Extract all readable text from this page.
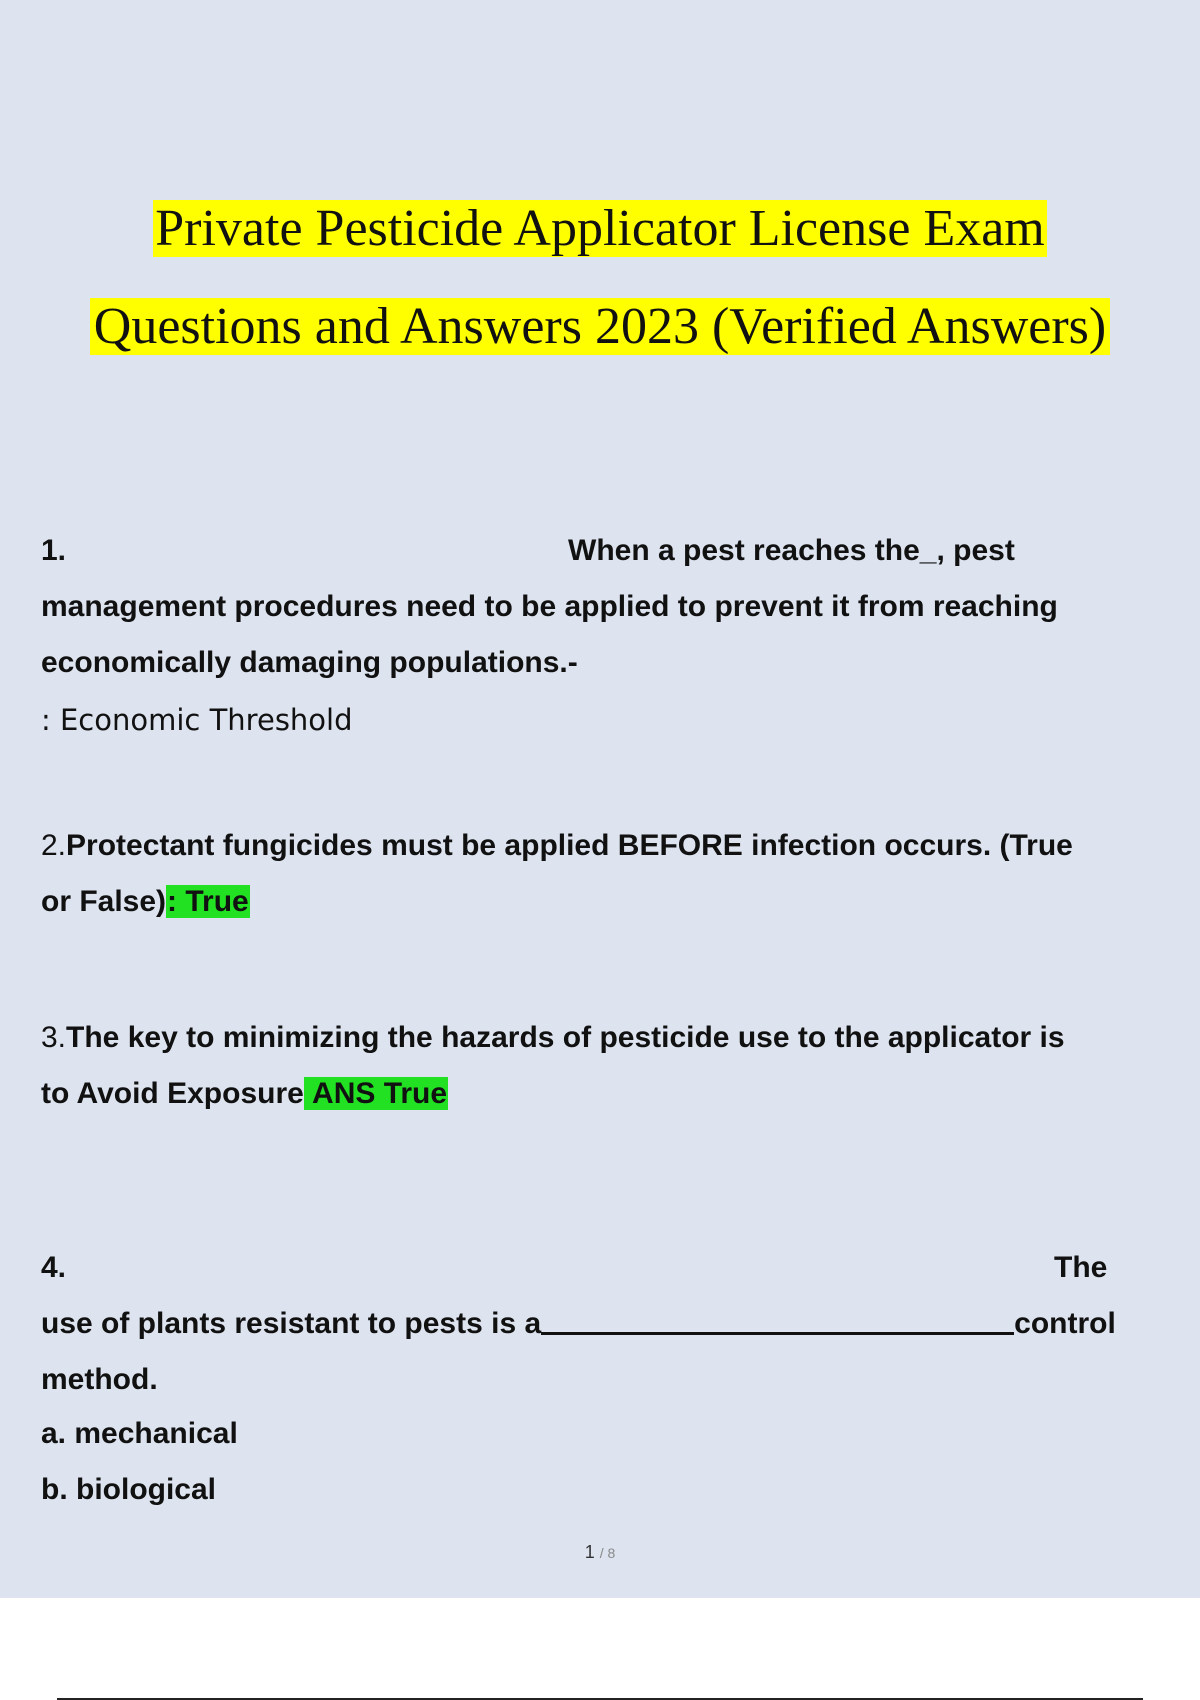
Private Pesticide Applicator License Exam
Questions and Answers 2023 (Verified Answers)
1.	When a pest reaches the_, pest
management procedures need to be applied to prevent it from reaching
economically damaging populations.-
: Economic Threshold
2.Protectant fungicides must be applied BEFORE infection occurs. (True
or False): True
3.The key to minimizing the hazards of pesticide use to the applicator is
to Avoid Exposure ANS True
4.	The
use of plants resistant to pests is a	control
method.
a. mechanical
b. biological
1 / 8
